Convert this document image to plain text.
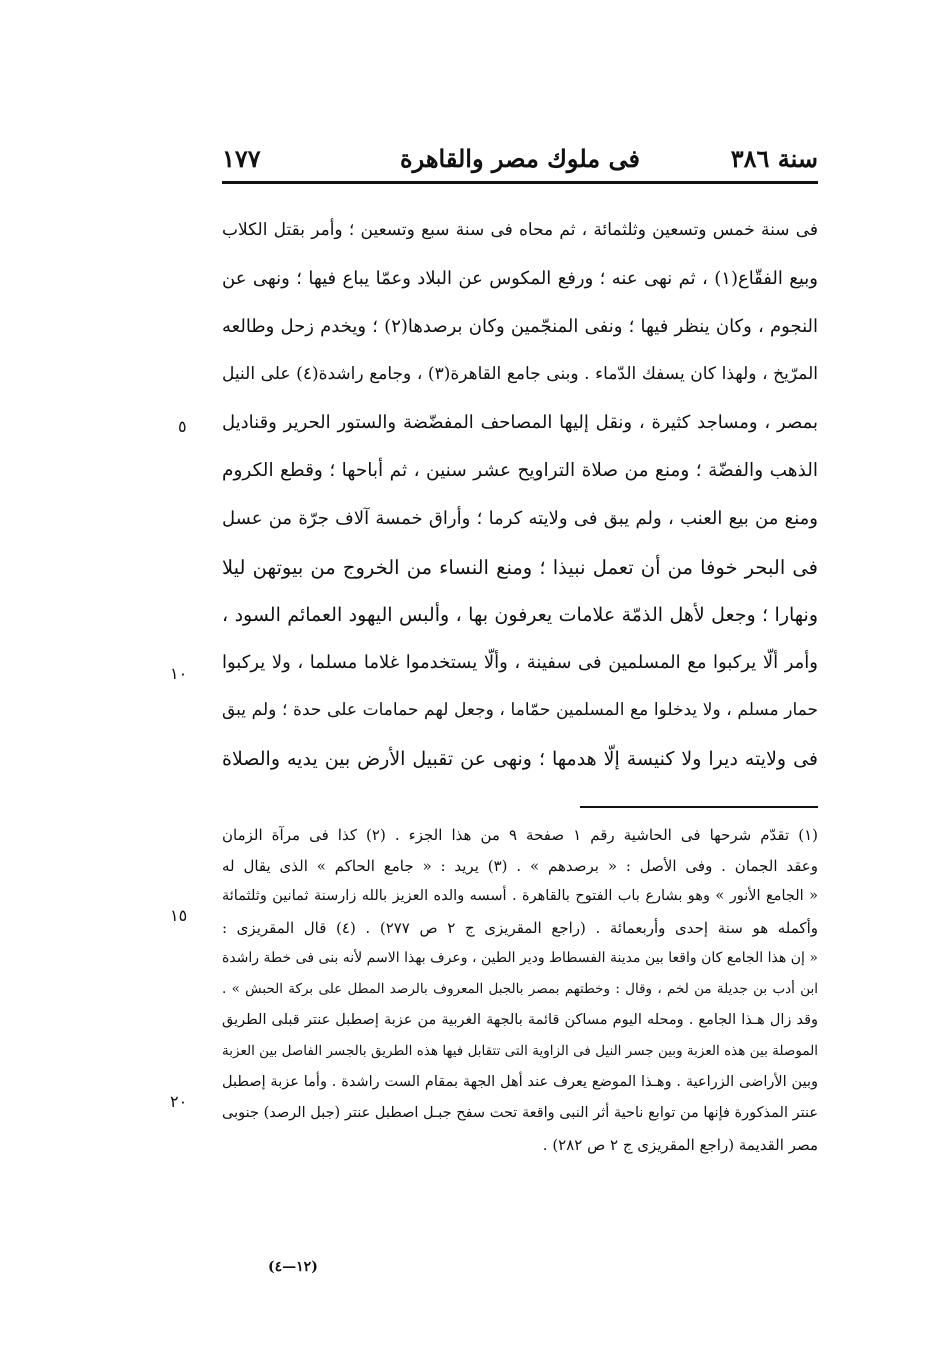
سنة ٣٨٦
فى ملوك مصر والقاهرة
١٧٧
فى سنة خمس وتسعين وثلثمائة ، ثم محاه فى سنة سبع وتسعين ؛ وأمر بقتل الكلاب
وبيع الفقّاع(١) ، ثم نهى عنه ؛ ورفع المكوس عن البلاد وعمّا يباع فيها ؛ ونهى عن
النجوم ، وكان ينظر فيها ؛ ونفى المنجّمين وكان برصدها(٢) ؛ ويخدم زحل وطالعه
المرّيخ ، ولهذا كان يسفك الدّماء . وبنى جامع القاهرة(٣) ، وجامع راشدة(٤) على النيل
بمصر ، ومساجد كثيرة ، ونقل إليها المصاحف المفضّضة والستور الحرير وقناديل
الذهب والفضّة ؛ ومنع من صلاة التراويح عشر سنين ، ثم أباحها ؛ وقطع الكروم
ومنع من بيع العنب ، ولم يبق فى ولايته كرما ؛ وأراق خمسة آلاف جرّة من عسل
فى البحر خوفا من أن تعمل نبيذا ؛ ومنع النساء من الخروج من بيوتهن ليلا
ونهارا ؛ وجعل لأهل الذمّة علامات يعرفون بها ، وألبس اليهود العمائم السود ،
وأمر ألّا يركبوا مع المسلمين فى سفينة ، وألّا يستخدموا غلاما مسلما ، ولا يركبوا
حمار مسلم ، ولا يدخلوا مع المسلمين حمّاما ، وجعل لهم حمامات على حدة ؛ ولم يبق
فى ولايته ديرا ولا كنيسة إلّا هدمها ؛ ونهى عن تقبيل الأرض بين يديه والصلاة
٥
١٠
١٥
٢٠
(١) تقدّم شرحها فى الحاشية رقم ١ صفحة ٩ من هذا الجزء . (٢) كذا فى مرآة الزمان
وعقد الجمان . وفى الأصل : « برصدهم » . (٣) يريد : « جامع الحاكم » الذى يقال له
« الجامع الأنور » وهو بشارع باب الفتوح بالقاهرة . أسسه والده العزيز بالله زارسنة ثمانين وثلثمائة
وأكمله هو سنة إحدى وأربعمائة . (راجع المقريزى ج ٢ ص ٢٧٧) . (٤) قال المقريزى :
« إن هذا الجامع كان واقعا بين مدينة الفسطاط ودير الطين ، وعرف بهذا الاسم لأنه بنى فى خطة راشدة
ابن أدب بن جديلة من لخم ، وقال : وخطتهم بمصر بالجبل المعروف بالرصد المطل على بركة الحبش » .
وقد زال هـذا الجامع . ومحله اليوم مساكن قائمة بالجهة الغربية من عزبة إصطبل عنتر قبلى الطريق
الموصلة بين هذه العزبة وبين جسر النيل فى الزاوية التى تتقابل فيها هذه الطريق بالجسر الفاصل بين العزبة
وبين الأراضى الزراعية . وهـذا الموضع يعرف عند أهل الجهة بمقام الست راشدة . وأما عزبة إصطبل
عنتر المذكورة فإنها من توابع ناحية أثر النبى واقعة تحت سفح جبـل اصطبل عنتر (جبل الرصد) جنوبى
مصر القديمة (راجع المقريزى ج ٢ ص ٢٨٢) .
(١٢—٤)
